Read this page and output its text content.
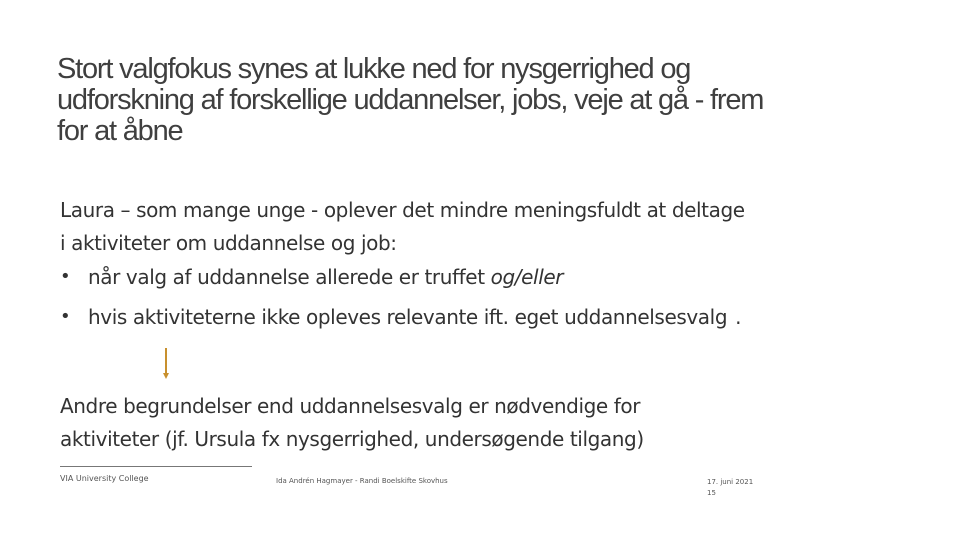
Stort valgfokus synes at lukke ned for nysgerrighed og
udforskning af forskellige uddannelser, jobs, veje at gå - frem
for at åbne

Laura – som mange unge - oplever det mindre meningsfuldt at deltage
i aktiviteter om uddannelse og job:

• når valg af uddannelse allerede er truffet og/eller
• hvis aktiviteterne ikke opleves relevante ift. eget uddannelsesvalg .

Andre begrundelser end uddannelsesvalg er nødvendige for
aktiviteter (jf. Ursula fx nysgerrighed, undersøgende tilgang)

VIA University College	Ida Andrén Hagmayer - Randi Boelskifte Skovhus	17. juni 2021
15
